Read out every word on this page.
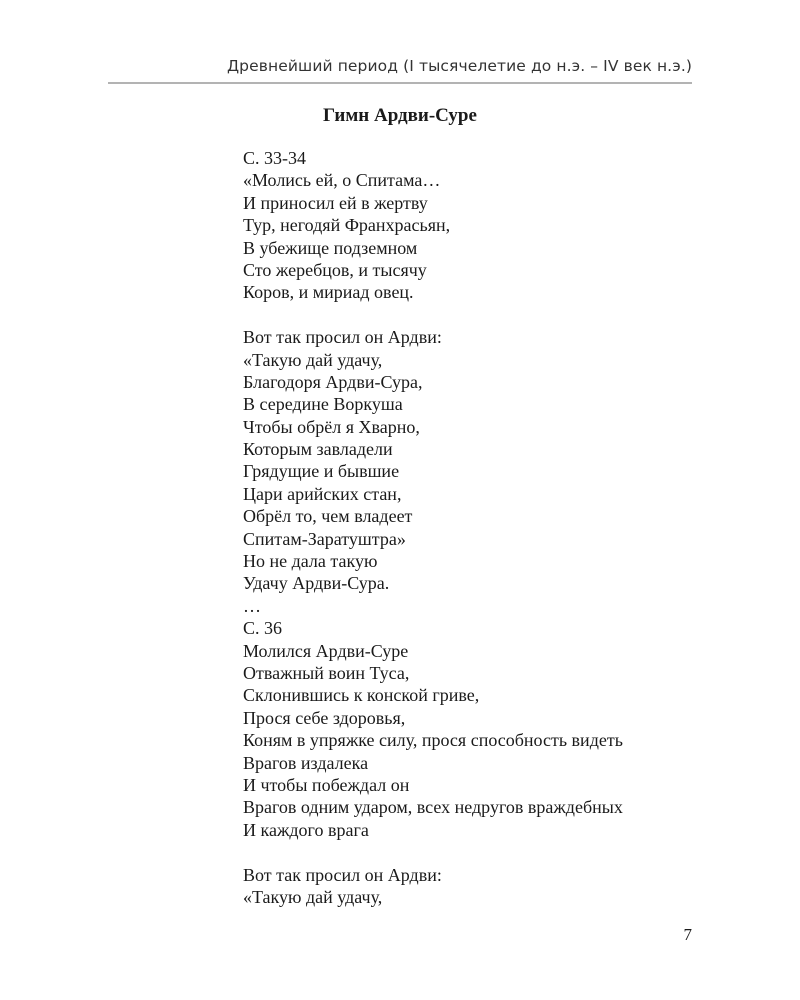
Древнейший период (I тысячелетие до н.э. – IV век н.э.)
Гимн Ардви-Суре
С. 33-34
«Молись ей, о Спитама…
И приносил ей в жертву
Тур, негодяй Франхрасьян,
В убежище подземном
Сто жеребцов, и тысячу
Коров, и мириад овец.
Вот так просил он Ардви:
«Такую дай удачу,
Благодоря Ардви-Сура,
В середине Воркуша
Чтобы обрёл я Хварно,
Которым завладели
Грядущие и бывшие
Цари арийских стан,
Обрёл то, чем владеет
Спитам-Заратуштра»
Но не дала такую
Удачу Ардви-Сура.
…
С. 36
Молился Ардви-Суре
Отважный воин Туса,
Склонившись к конской гриве,
Прося себе здоровья,
Коням в упряжке силу, прося способность видеть
Врагов издалека
И чтобы побеждал он
Врагов одним ударом, всех недругов враждебных
И каждого врага
Вот так просил он Ардви:
«Такую дай удачу,
7
